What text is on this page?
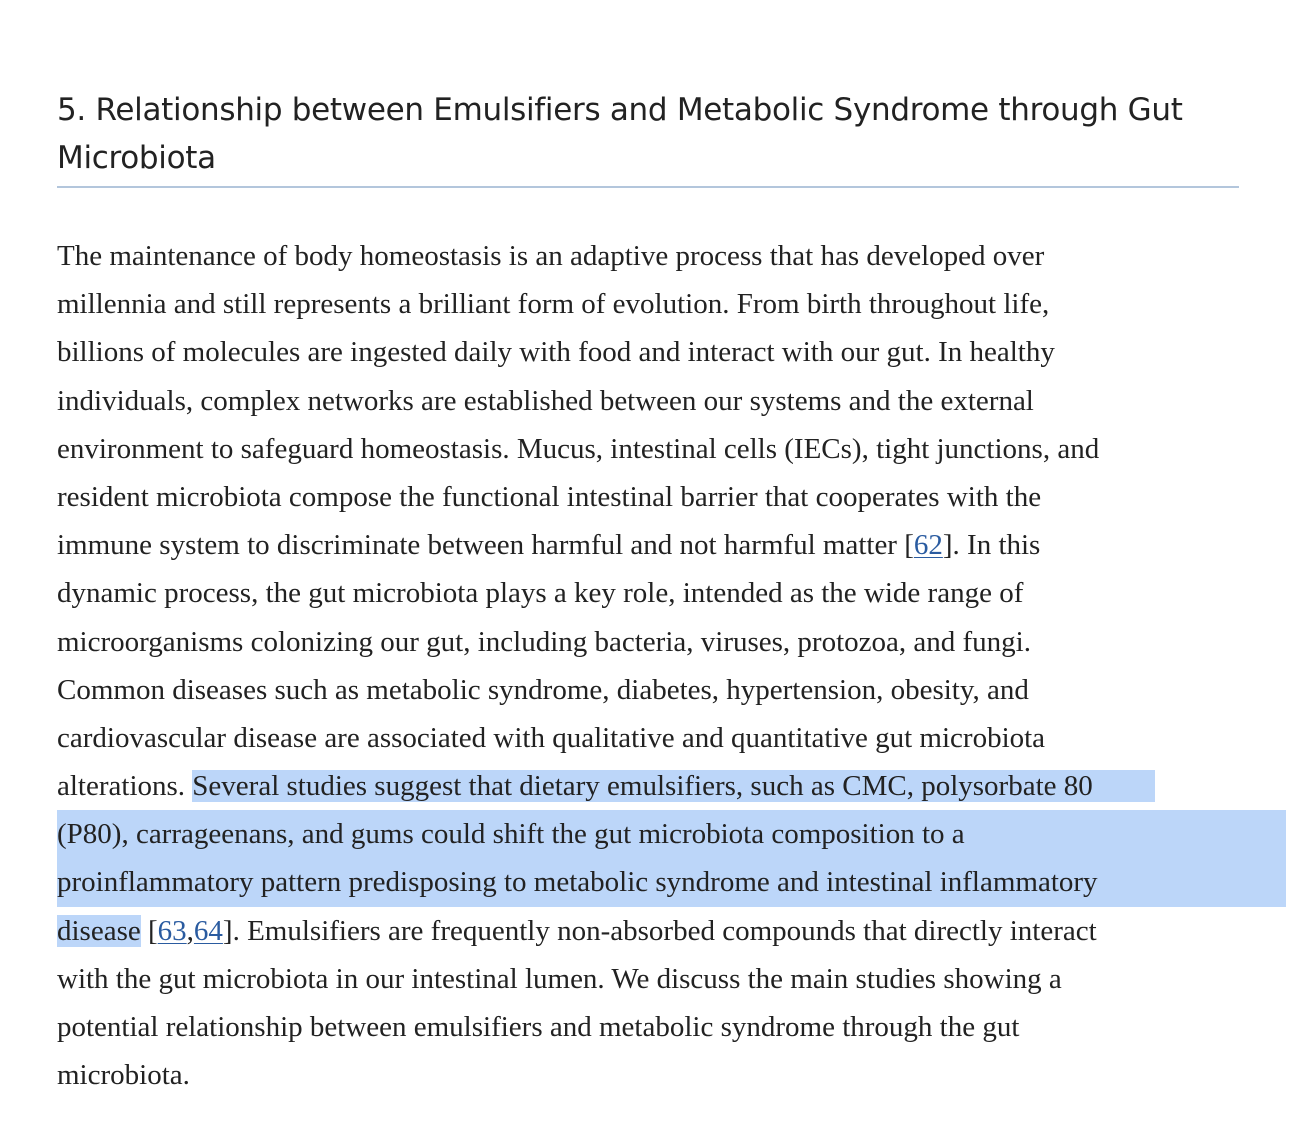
5. Relationship between Emulsifiers and Metabolic Syndrome through Gut
Microbiota

The maintenance of body homeostasis is an adaptive process that has developed over
millennia and still represents a brilliant form of evolution. From birth throughout life,
billions of molecules are ingested daily with food and interact with our gut. In healthy
individuals, complex networks are established between our systems and the external
environment to safeguard homeostasis. Mucus, intestinal cells (IECs), tight junctions, and
resident microbiota compose the functional intestinal barrier that cooperates with the
immune system to discriminate between harmful and not harmful matter [62]. In this
dynamic process, the gut microbiota plays a key role, intended as the wide range of
microorganisms colonizing our gut, including bacteria, viruses, protozoa, and fungi.
Common diseases such as metabolic syndrome, diabetes, hypertension, obesity, and
cardiovascular disease are associated with qualitative and quantitative gut microbiota
alterations. Several studies suggest that dietary emulsifiers, such as CMC, polysorbate 80
(P80), carrageenans, and gums could shift the gut microbiota composition to a
proinflammatory pattern predisposing to metabolic syndrome and intestinal inflammatory
disease [63,64]. Emulsifiers are frequently non-absorbed compounds that directly interact
with the gut microbiota in our intestinal lumen. We discuss the main studies showing a
potential relationship between emulsifiers and metabolic syndrome through the gut
microbiota.
